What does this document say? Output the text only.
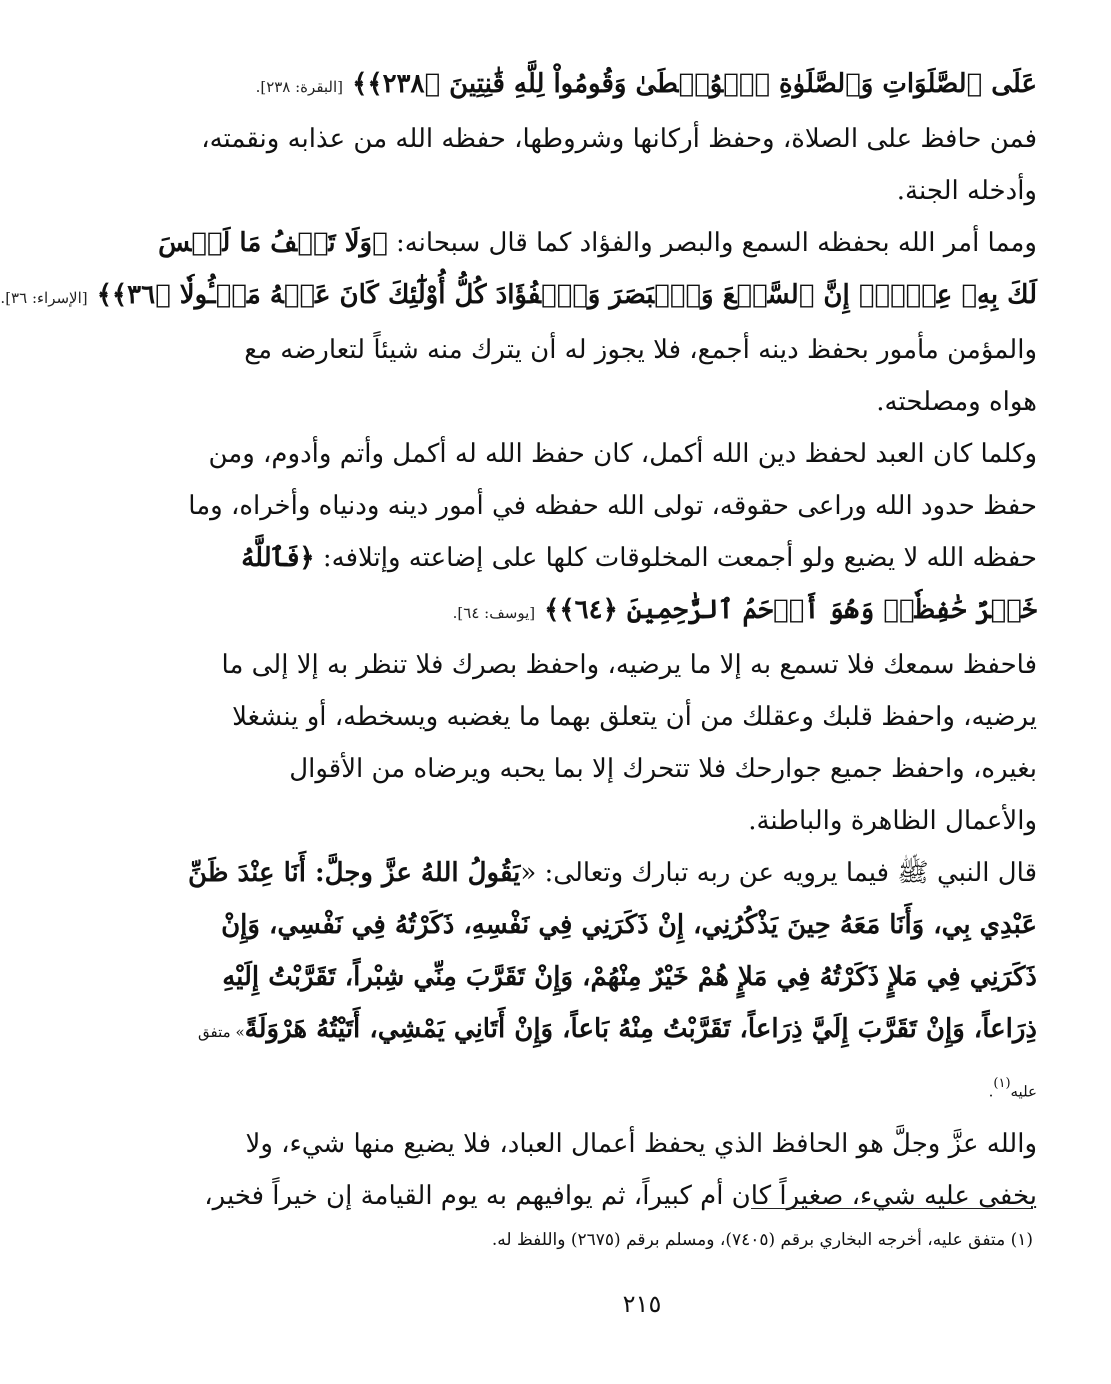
عَلَى ٱلصَّلَوَاتِ وَٱلصَّلَوٰةِ ٱلۡوُسۡطَىٰ وَقُومُواْ لِلَّهِ قَٰنِتِينَ ﴿٢٣٨﴾﴾ [البقرة: ٢٣٨].
فمن حافظ على الصلاة، وحفظ أركانها وشروطها، حفظه الله من عذابه ونقمته،
وأدخله الجنة.
ومما أمر الله بحفظه السمع والبصر والفؤاد كما قال سبحانه: ﴿وَلَا تَقۡفُ مَا لَيۡسَ
لَكَ بِهِۦ عِلۡمٌۚ إِنَّ ٱلسَّمۡعَ وَٱلۡبَصَرَ وَٱلۡفُؤَادَ كُلُّ أُوْلَٰٓئِكَ كَانَ عَنۡهُ مَسۡـُٔولٗا ﴿٣٦﴾﴾ [الإسراء: ٣٦].
والمؤمن مأمور بحفظ دينه أجمع، فلا يجوز له أن يترك منه شيئاً لتعارضه مع
هواه ومصلحته.
وكلما كان العبد لحفظ دين الله أكمل، كان حفظ الله له أكمل وأتم وأدوم، ومن
حفظ حدود الله وراعى حقوقه، تولى الله حفظه في أمور دينه ودنياه وأخراه، وما
حفظه الله لا يضيع ولو أجمعت المخلوقات كلها على إضاعته وإتلافه: ﴿فَٱللَّهُ
خَيۡرٌ حَٰفِظٗاۖ وَهُوَ أَرۡحَمُ ٱلرَّٰحِمِينَ ﴿٦٤﴾﴾ [يوسف: ٦٤].
فاحفظ سمعك فلا تسمع به إلا ما يرضيه، واحفظ بصرك فلا تنظر به إلا إلى ما
يرضيه، واحفظ قلبك وعقلك من أن يتعلق بهما ما يغضبه ويسخطه، أو ينشغلا
بغيره، واحفظ جميع جوارحك فلا تتحرك إلا بما يحبه ويرضاه من الأقوال
والأعمال الظاهرة والباطنة.
قال النبي ﷺ فيما يرويه عن ربه تبارك وتعالى: «يَقُولُ اللهُ عزَّ وجلَّ: أَنَا عِنْدَ ظَنِّ
عَبْدِي بِي، وَأَنَا مَعَهُ حِينَ يَذْكُرُنِي، إِنْ ذَكَرَنِي فِي نَفْسِهِ، ذَكَرْتُهُ فِي نَفْسِي، وَإِنْ
ذَكَرَنِي فِي مَلإٍ ذَكَرْتُهُ فِي مَلإٍ هُمْ خَيْرٌ مِنْهُمْ، وَإِنْ تَقَرَّبَ مِنِّي شِبْراً، تَقَرَّبْتُ إِلَيْهِ
ذِرَاعاً، وَإِنْ تَقَرَّبَ إِلَيَّ ذِرَاعاً، تَقَرَّبْتُ مِنْهُ بَاعاً، وَإِنْ أَتَانِي يَمْشِي، أَتَيْتُهُ هَرْوَلَةً» متفق
عليه$^{(١)}$.
والله عزَّ وجلَّ هو الحافظ الذي يحفظ أعمال العباد، فلا يضيع منها شيء، ولا
يخفى عليه شيء، صغيراً كان أم كبيراً، ثم يوافيهم به يوم القيامة إن خيراً فخير،
(١) متفق عليه، أخرجه البخاري برقم (٧٤٠٥)، ومسلم برقم (٢٦٧٥) واللفظ له.
٢١٥
